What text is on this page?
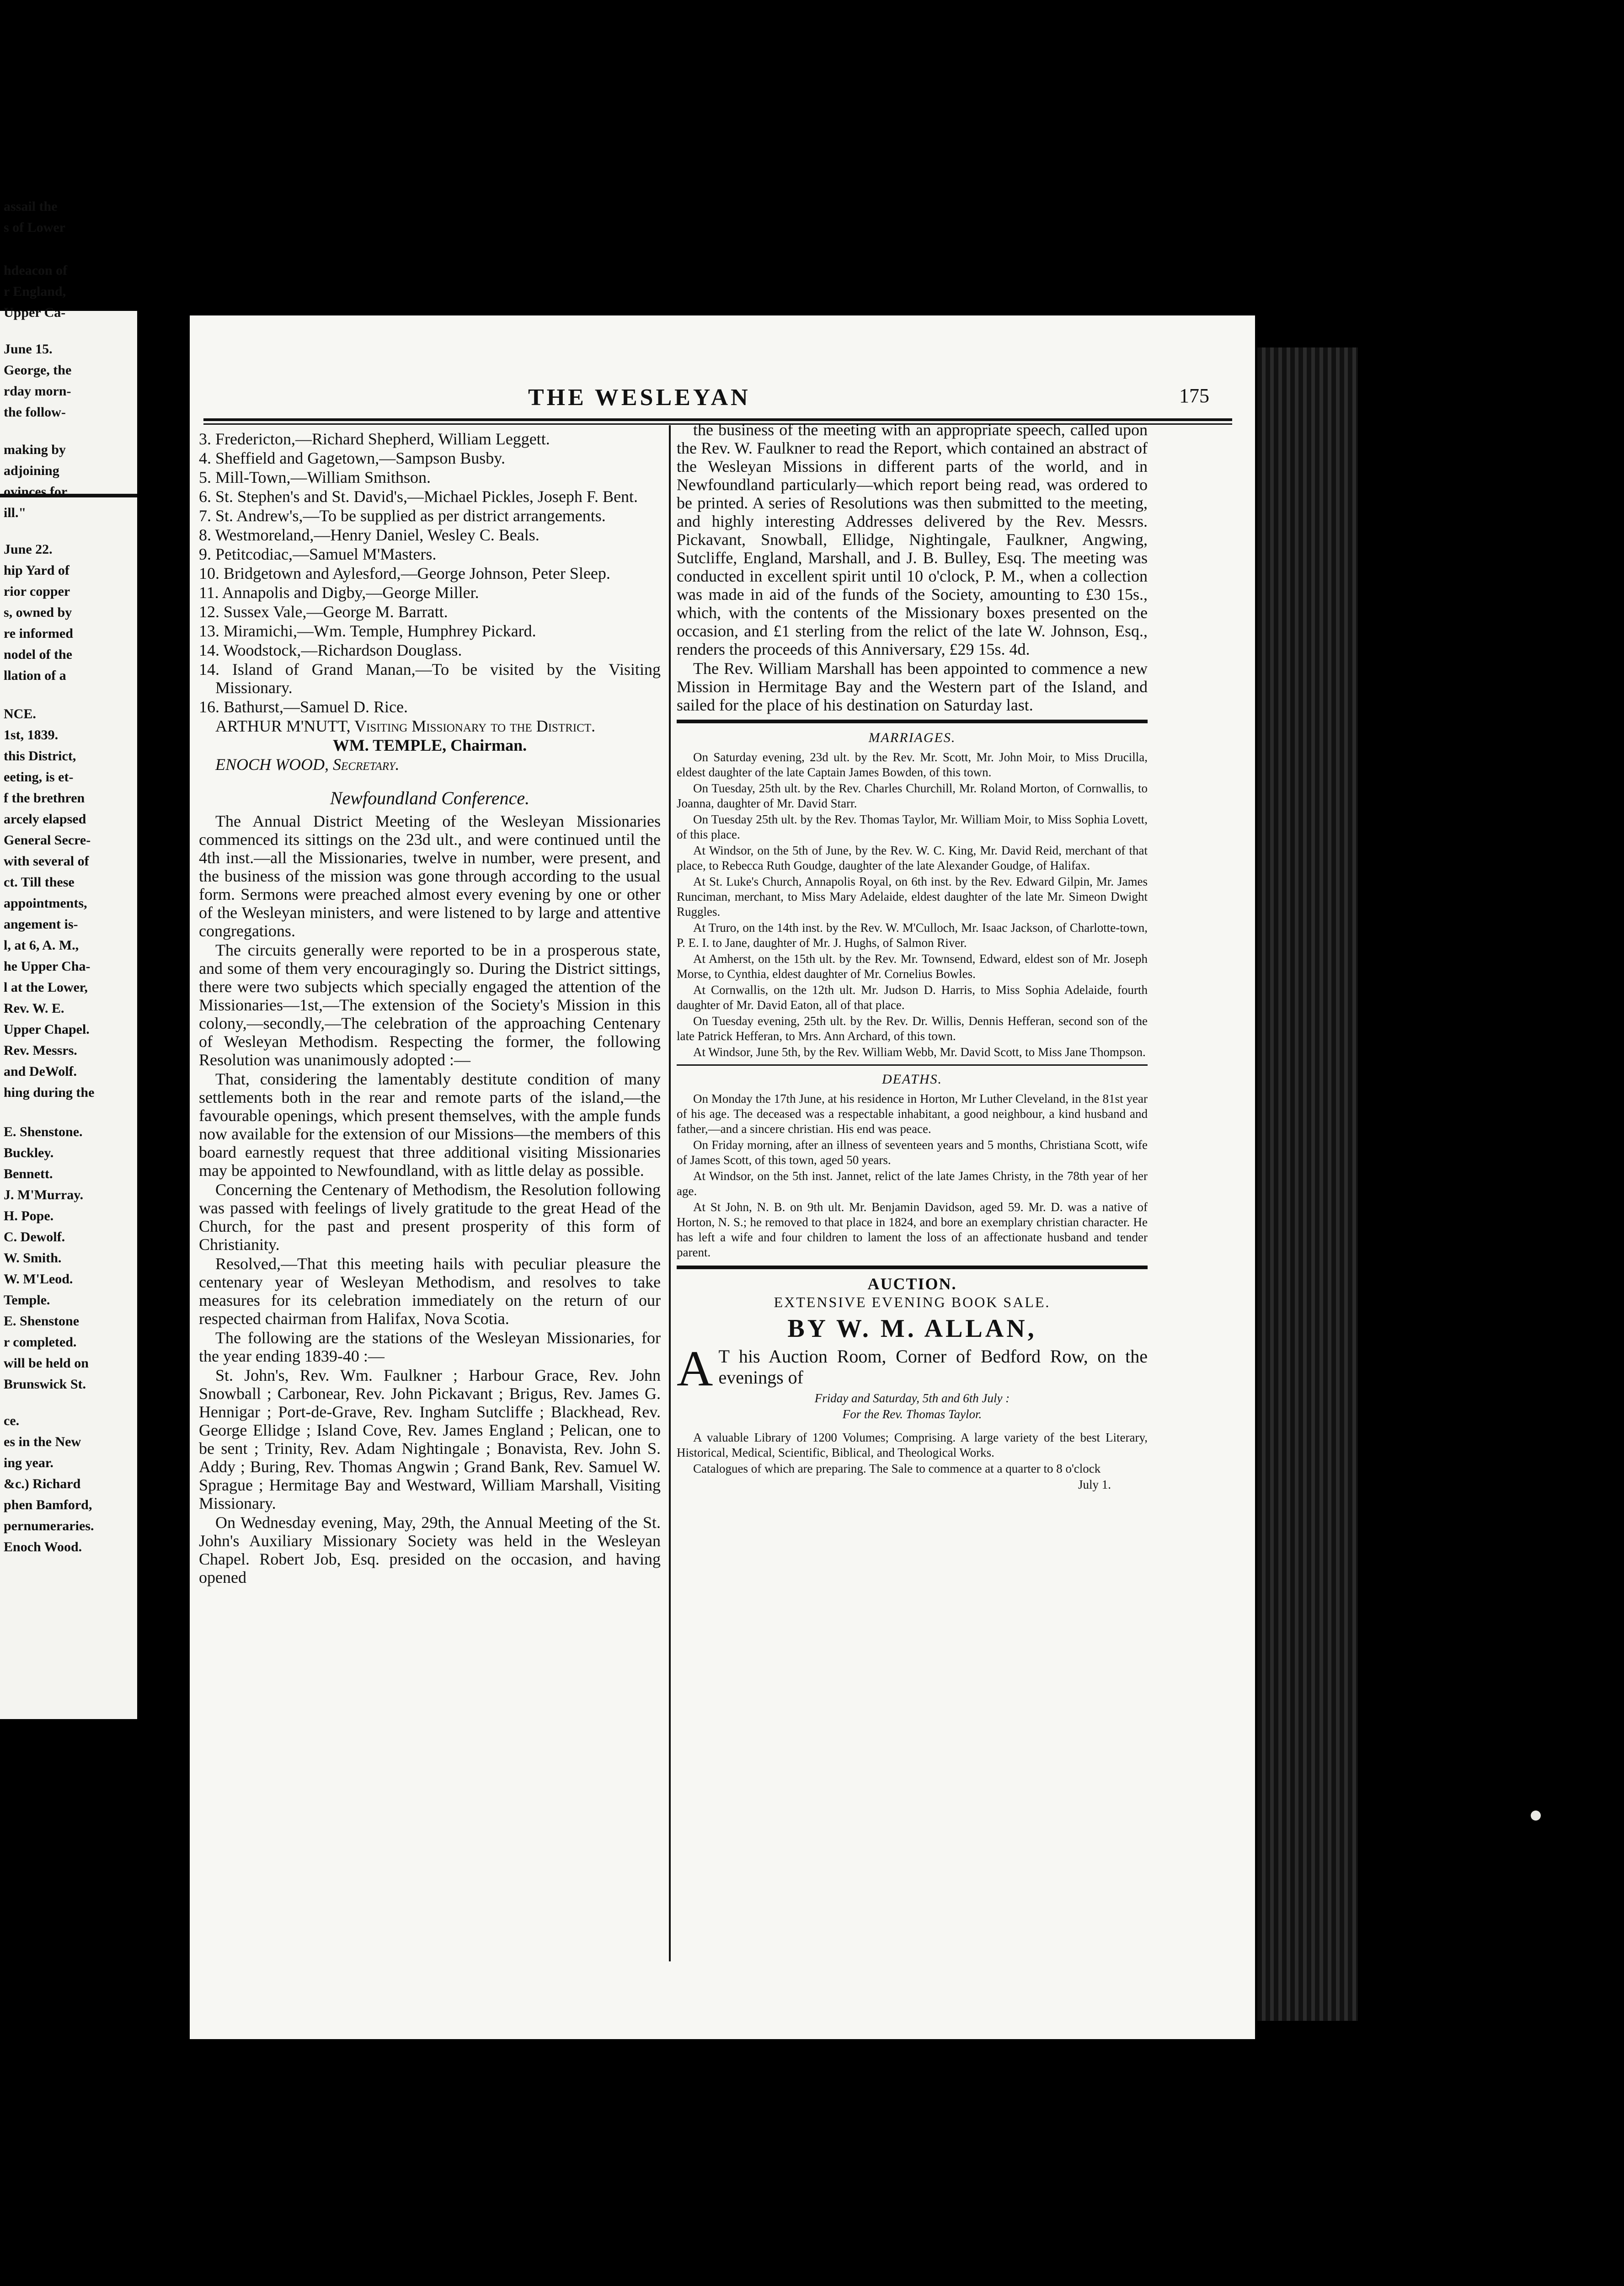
assail the
s of Lower
hdeacon of
r England,
Upper Ca-
June 15.
George, the
rday morn-
the follow-
making by
adjoining
ovinces for
ill."
June 22.
hip Yard of
rior copper
s, owned by
re informed
nodel of the
llation of a
NCE.
1st, 1839.
this District,
eeting, is et-
f the brethren
arcely elapsed
General Secre-
with several of
ct. Till these
appointments,
angement is-
l, at 6, A. M.,
he Upper Cha-
l at the Lower,
Rev. W. E.
Upper Chapel.
Rev. Messrs.
and DeWolf.
hing during the
E. Shenstone.
Buckley.
Bennett.
J. M'Murray.
H. Pope.
C. Dewolf.
W. Smith.
W. M'Leod.
Temple.
E. Shenstone
r completed.
will be held on
Brunswick St.
ce.
es in the New
ing year.
&c.) Richard
phen Bamford,
pernumeraries.
Enoch Wood.
THE WESLEYAN	175

3. Fredericton,—Richard Shepherd, William Leggett.

4. Sheffield and Gagetown,—Sampson Busby.

5. Mill-Town,—William Smithson.

6. St. Stephen's and St. David's,—Michael Pickles, Joseph F. Bent.

7. St. Andrew's,—To be supplied as per district arrangements.

8. Westmoreland,—Henry Daniel, Wesley C. Beals.

9. Petitcodiac,—Samuel M'Masters.

10. Bridgetown and Aylesford,—George Johnson, Peter Sleep.

11. Annapolis and Digby,—George Miller.

12. Sussex Vale,—George M. Barratt.

13. Miramichi,—Wm. Temple, Humphrey Pickard.

14. Woodstock,—Richardson Douglass.

14. Island of Grand Manan,—To be visited by the Visiting Missionary.

16. Bathurst,—Samuel D. Rice.

ARTHUR M'NUTT, Visiting Missionary to the District.

WM. TEMPLE, Chairman.

ENOCH WOOD, Secretary.

Newfoundland Conference.

The Annual District Meeting of the Wesleyan Missionaries commenced its sittings on the 23d ult., and were continued until the 4th inst.—all the Missionaries, twelve in number, were present, and the business of the mission was gone through according to the usual form. Sermons were preached almost every evening by one or other of the Wesleyan ministers, and were listened to by large and attentive congregations.

The circuits generally were reported to be in a prosperous state, and some of them very encouragingly so. During the District sittings, there were two subjects which specially engaged the attention of the Missionaries—1st,—The extension of the Society's Mission in this colony,—secondly,—The celebration of the approaching Centenary of Wesleyan Methodism. Respecting the former, the following Resolution was unanimously adopted :—

That, considering the lamentably destitute condition of many settlements both in the rear and remote parts of the island,—the favourable openings, which present themselves, with the ample funds now available for the extension of our Missions—the members of this board earnestly request that three additional visiting Missionaries may be appointed to Newfoundland, with as little delay as possible.

Concerning the Centenary of Methodism, the Resolution following was passed with feelings of lively gratitude to the great Head of the Church, for the past and present prosperity of this form of Christianity.

Resolved,—That this meeting hails with peculiar pleasure the centenary year of Wesleyan Methodism, and resolves to take measures for its celebration immediately on the return of our respected chairman from Halifax, Nova Scotia.

The following are the stations of the Wesleyan Missionaries, for the year ending 1839-40 :—

St. John's, Rev. Wm. Faulkner ; Harbour Grace, Rev. John Snowball ; Carbonear, Rev. John Pickavant ; Brigus, Rev. James G. Hennigar ; Port-de-Grave, Rev. Ingham Sutcliffe ; Blackhead, Rev. George Ellidge ; Island Cove, Rev. James England ; Pelican, one to be sent ; Trinity, Rev. Adam Nightingale ; Bonavista, Rev. John S. Addy ; Buring, Rev. Thomas Angwin ; Grand Bank, Rev. Samuel W. Sprague ; Hermitage Bay and Westward, William Marshall, Visiting Missionary.

On Wednesday evening, May, 29th, the Annual Meeting of the St. John's Auxiliary Missionary Society was held in the Wesleyan Chapel. Robert Job, Esq. presided on the occasion, and having opened

the business of the meeting with an appropriate speech, called upon the Rev. W. Faulkner to read the Report, which contained an abstract of the Wesleyan Missions in different parts of the world, and in Newfoundland particularly—which report being read, was ordered to be printed. A series of Resolutions was then submitted to the meeting, and highly interesting Addresses delivered by the Rev. Messrs. Pickavant, Snowball, Ellidge, Nightingale, Faulkner, Angwing, Sutcliffe, England, Marshall, and J. B. Bulley, Esq. The meeting was conducted in excellent spirit until 10 o'clock, P. M., when a collection was made in aid of the funds of the Society, amounting to £30 15s., which, with the contents of the Missionary boxes presented on the occasion, and £1 sterling from the relict of the late W. Johnson, Esq., renders the proceeds of this Anniversary, £29 15s. 4d.

The Rev. William Marshall has been appointed to commence a new Mission in Hermitage Bay and the Western part of the Island, and sailed for the place of his destination on Saturday last.

MARRIAGES.

On Saturday evening, 23d ult. by the Rev. Mr. Scott, Mr. John Moir, to Miss Drucilla, eldest daughter of the late Captain James Bowden, of this town.

On Tuesday, 25th ult. by the Rev. Charles Churchill, Mr. Roland Morton, of Cornwallis, to Joanna, daughter of Mr. David Starr.

On Tuesday 25th ult. by the Rev. Thomas Taylor, Mr. William Moir, to Miss Sophia Lovett, of this place.

At Windsor, on the 5th of June, by the Rev. W. C. King, Mr. David Reid, merchant of that place, to Rebecca Ruth Goudge, daughter of the late Alexander Goudge, of Halifax.

At St. Luke's Church, Annapolis Royal, on 6th inst. by the Rev. Edward Gilpin, Mr. James Runciman, merchant, to Miss Mary Adelaide, eldest daughter of the late Mr. Simeon Dwight Ruggles.

At Truro, on the 14th inst. by the Rev. W. M'Culloch, Mr. Isaac Jackson, of Charlotte-town, P. E. I. to Jane, daughter of Mr. J. Hughs, of Salmon River.

At Amherst, on the 15th ult. by the Rev. Mr. Townsend, Edward, eldest son of Mr. Joseph Morse, to Cynthia, eldest daughter of Mr. Cornelius Bowles.

At Cornwallis, on the 12th ult. Mr. Judson D. Harris, to Miss Sophia Adelaide, fourth daughter of Mr. David Eaton, all of that place.

On Tuesday evening, 25th ult. by the Rev. Dr. Willis, Dennis Hefferan, second son of the late Patrick Hefferan, to Mrs. Ann Archard, of this town.

At Windsor, June 5th, by the Rev. William Webb, Mr. David Scott, to Miss Jane Thompson.

DEATHS.

On Monday the 17th June, at his residence in Horton, Mr Luther Cleveland, in the 81st year of his age. The deceased was a respectable inhabitant, a good neighbour, a kind husband and father,—and a sincere christian. His end was peace.

On Friday morning, after an illness of seventeen years and 5 months, Christiana Scott, wife of James Scott, of this town, aged 50 years.

At Windsor, on the 5th inst. Jannet, relict of the late James Christy, in the 78th year of her age.

At St John, N. B. on 9th ult. Mr. Benjamin Davidson, aged 59. Mr. D. was a native of Horton, N. S.; he removed to that place in 1824, and bore an exemplary christian character. He has left a wife and four children to lament the loss of an affectionate husband and tender parent.

AUCTION.
EXTENSIVE EVENING BOOK SALE.
BY W. M. ALLAN,

A T his Auction Room, Corner of Bedford Row, on the evenings of

Friday and Saturday, 5th and 6th July :

For the Rev. Thomas Taylor.

A valuable Library of 1200 Volumes; Comprising. A large variety of the best Literary, Historical, Medical, Scientific, Biblical, and Theological Works.

Catalogues of which are preparing. The Sale to commence at a quarter to 8 o'clock

July 1.
